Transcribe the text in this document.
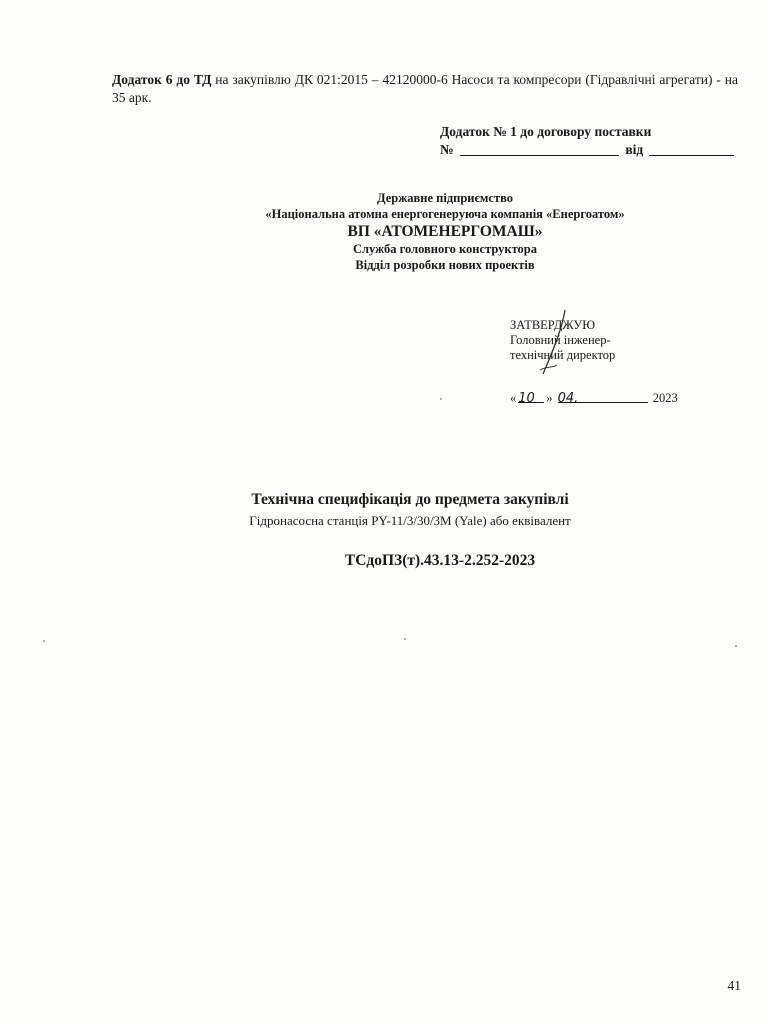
Додаток 6 до ТД на закупівлю ДК 021:2015 – 42120000-6 Насоси та компресори (Гідравлічні агрегати) - на 35 арк.
Додаток № 1 до договору поставки
№	від
Державне підприємство
«Національна атомна енергогенеруюча компанія «Енергоатом»
ВП «АТОМЕНЕРГОМАШ»
Служба головного конструктора
Відділ розробки нових проектів
ЗАТВЕРДЖУЮ
Головний інженер-
технічний директор
« 10 » 04.	2023
Технічна специфікація до предмета закупівлі
Гідронасосна станція РY-11/3/30/3М (Yale) або еквівалент
ТСдоПЗ(т).43.13-2.252-2023
41
